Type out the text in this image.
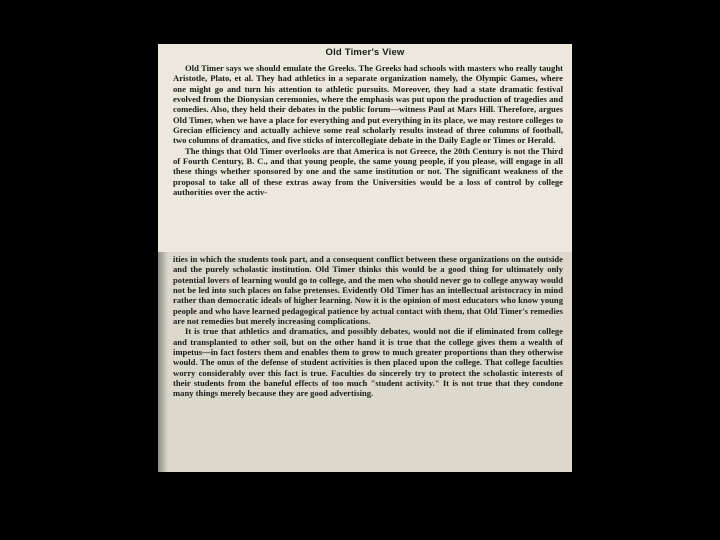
Old Timer's View

Old Timer says we should emulate the Greeks. The Greeks had schools with masters who really taught Aristotle, Plato, et al. They had athletics in a separate organization namely, the Olympic Games, where one might go and turn his attention to athletic pursuits. Moreover, they had a state dramatic festival evolved from the Dionysian ceremonies, where the emphasis was put upon the production of tragedies and comedies. Also, they held their debates in the public forum—witness Paul at Mars Hill. Therefore, argues Old Timer, when we have a place for everything and put everything in its place, we may restore colleges to Grecian efficiency and actually achieve some real scholarly results instead of three columns of football, two columns of dramatics, and five sticks of intercollegiate debate in the Daily Eagle or Times or Herald.

The things that Old Timer overlooks are that America is not Greece, the 20th Century is not the Third of Fourth Century, B. C., and that young people, the same young people, if you please, will engage in all these things whether sponsored by one and the same institution or not. The significant weakness of the proposal to take all of these extras away from the Universities would be a loss of control by college authorities over the activ-

ities in which the students took part, and a consequent conflict between these organizations on the outside and the purely scholastic institution. Old Timer thinks this would be a good thing for ultimately only potential lovers of learning would go to college, and the men who should never go to college anyway would not be led into such places on false pretenses. Evidently Old Timer has an intellectual aristocracy in mind rather than democratic ideals of higher learning. Now it is the opinion of most educators who know young people and who have learned pedagogical patience by actual contact with them, that Old Timer's remedies are not remedies but merely increasing complications.

It is true that athletics and dramatics, and possibly debates, would not die if eliminated from college and transplanted to other soil, but on the other hand it is true that the college gives them a wealth of impetus—in fact fosters them and enables them to grow to much greater proportions than they otherwise would. The onus of the defense of student activities is then placed upon the college. That college faculties worry considerably over this fact is true. Faculties do sincerely try to protect the scholastic interests of their students from the baneful effects of too much "student activity." It is not true that they condone many things merely because they are good advertising.
